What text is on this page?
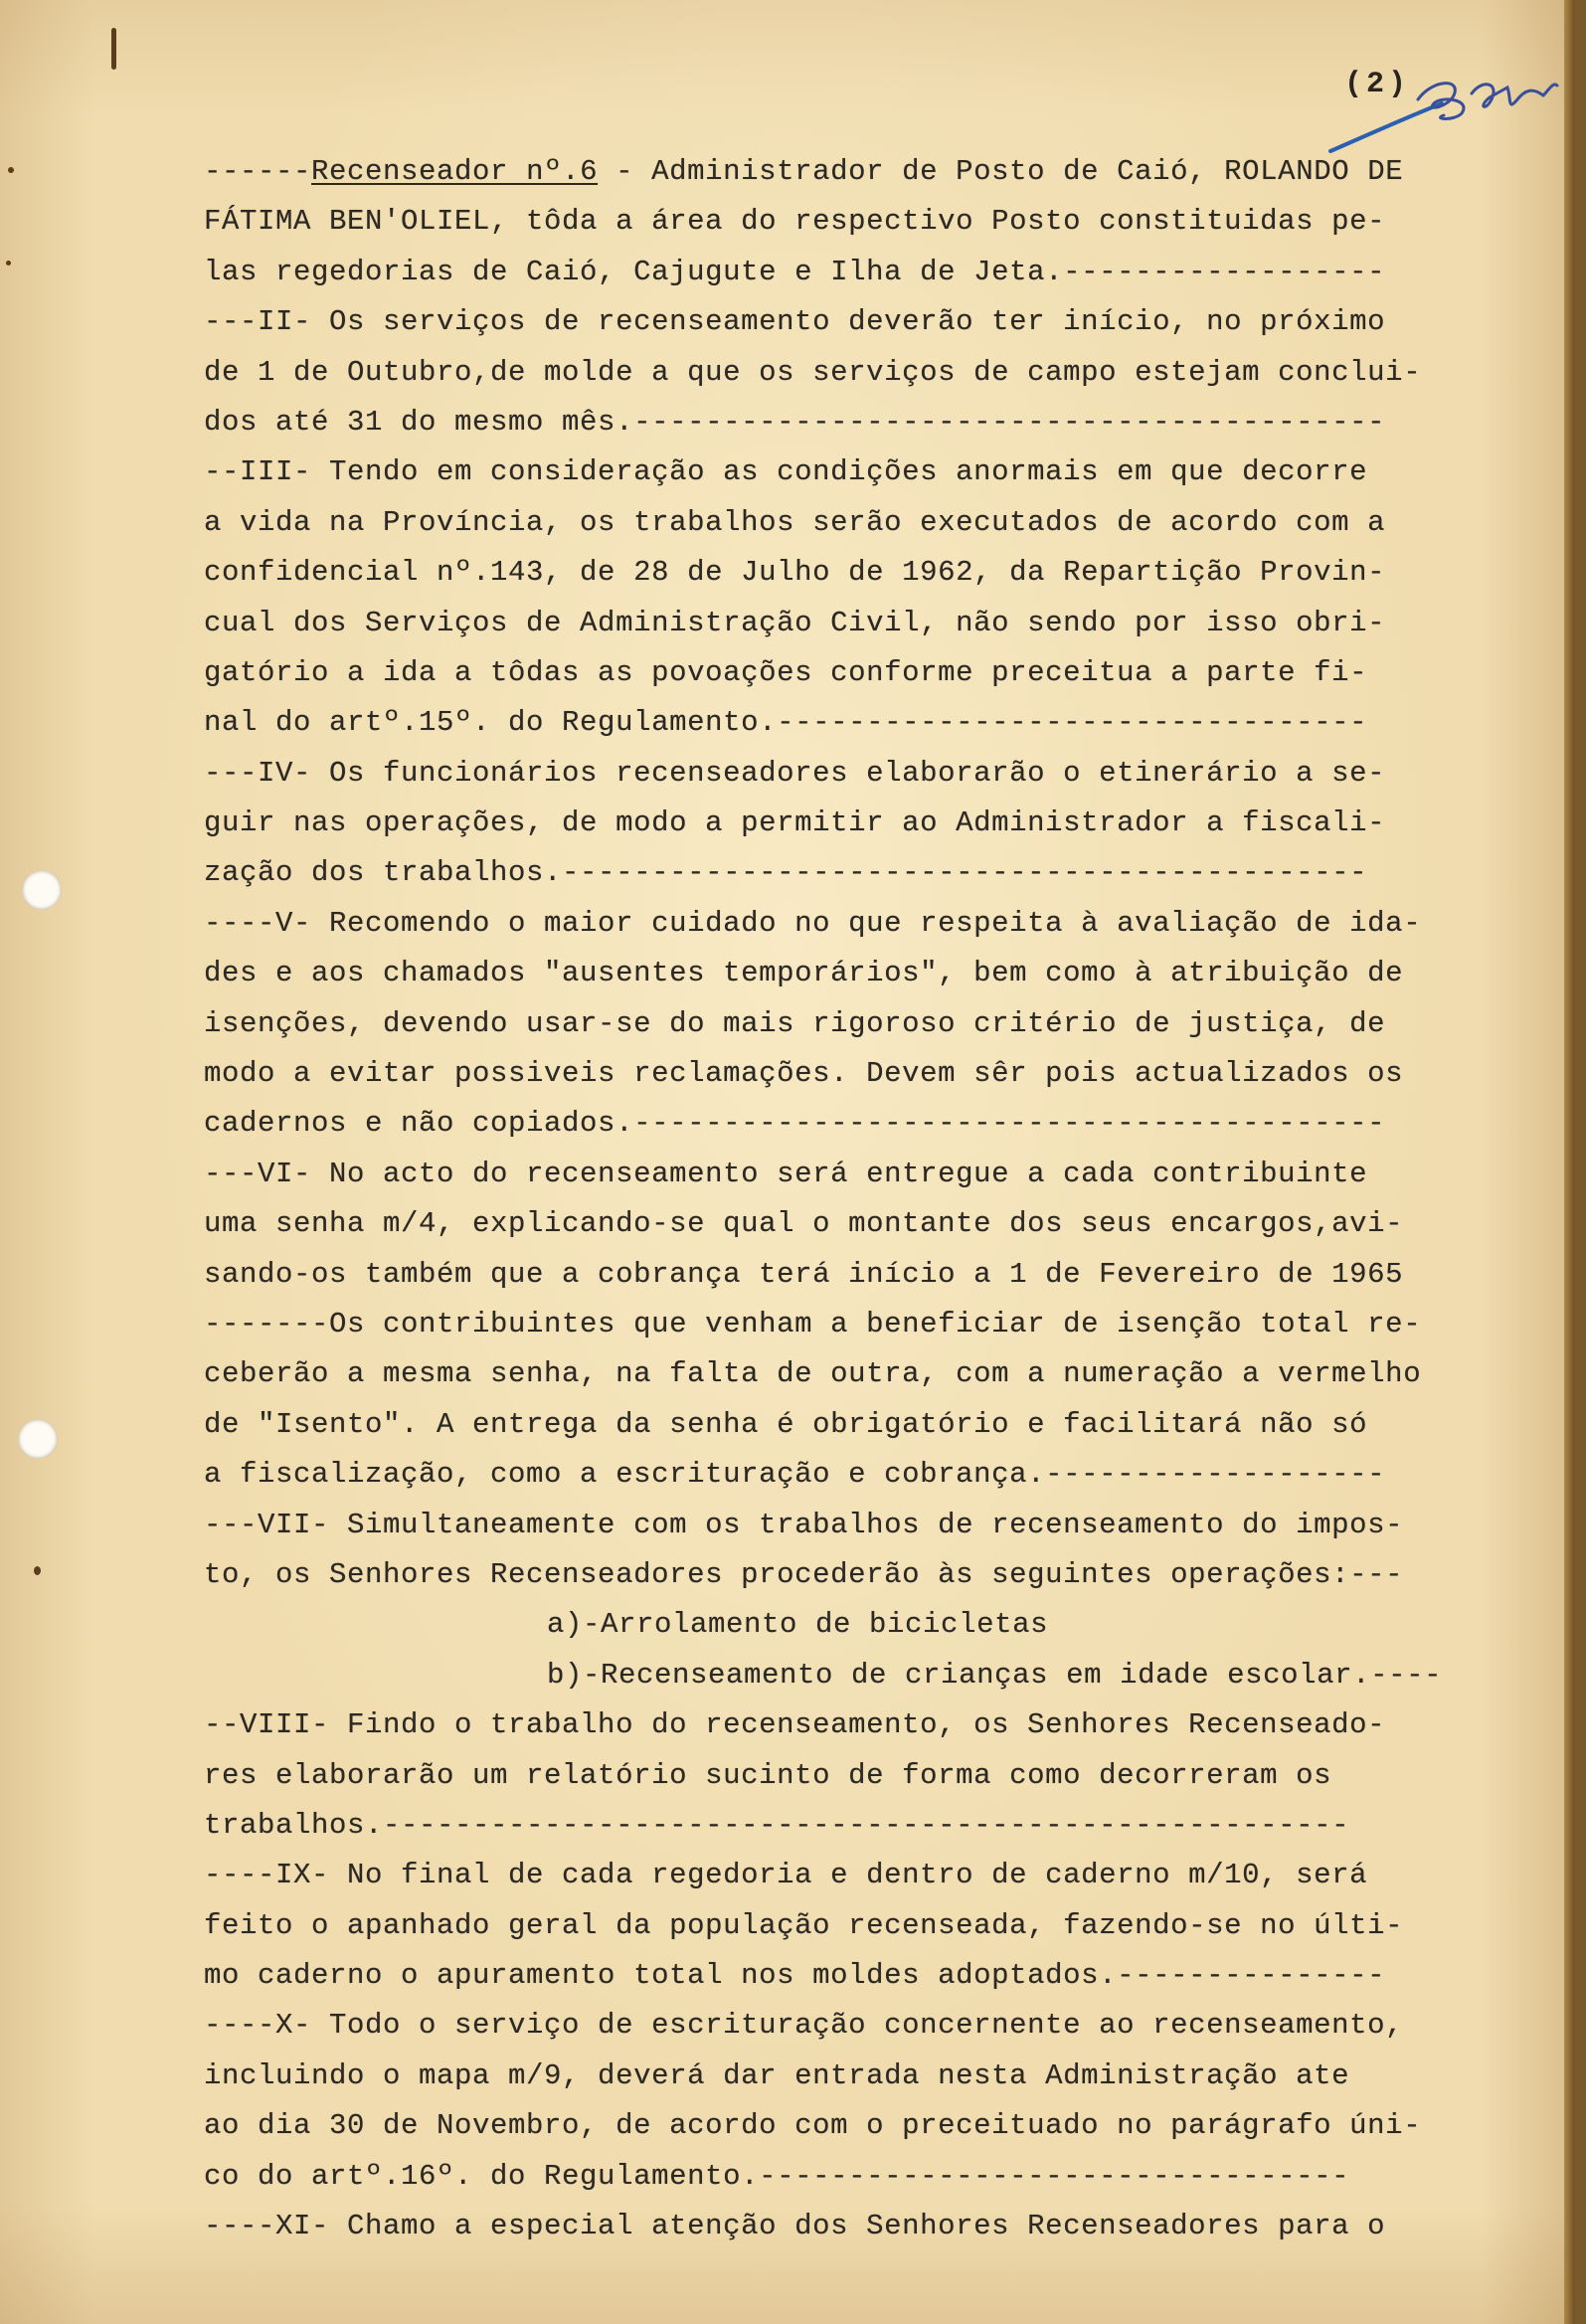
(2)
------Recenseador nº.6 - Administrador de Posto de Caió, ROLANDO DE
FÁTIMA BEN'OLIEL, tôda a área do respectivo Posto constituidas pe-
las regedorias de Caió, Cajugute e Ilha de Jeta.------------------
---II- Os serviços de recenseamento deverão ter início, no próximo
de 1 de Outubro,de molde a que os serviços de campo estejam conclui-
dos até 31 do mesmo mês.------------------------------------------
--III- Tendo em consideração as condições anormais em que decorre
a vida na Província, os trabalhos serão executados de acordo com a
confidencial nº.143, de 28 de Julho de 1962, da Repartição Provin-
cual dos Serviços de Administração Civil, não sendo por isso obri-
gatório a ida a tôdas as povoações conforme preceitua a parte fi-
nal do artº.15º. do Regulamento.---------------------------------
---IV- Os funcionários recenseadores elaborarão o etinerário a se-
guir nas operações, de modo a permitir ao Administrador a fiscali-
zação dos trabalhos.---------------------------------------------
----V- Recomendo o maior cuidado no que respeita à avaliação de ida-
des e aos chamados "ausentes temporários", bem como à atribuição de
isenções, devendo usar-se do mais rigoroso critério de justiça, de
modo a evitar possiveis reclamações. Devem sêr pois actualizados os
cadernos e não copiados.------------------------------------------
---VI- No acto do recenseamento será entregue a cada contribuinte
uma senha m/4, explicando-se qual o montante dos seus encargos,avi-
sando-os também que a cobrança terá início a 1 de Fevereiro de 1965
-------Os contribuintes que venham a beneficiar de isenção total re-
ceberão a mesma senha, na falta de outra, com a numeração a vermelho
de "Isento". A entrega da senha é obrigatório e facilitará não só
a fiscalização, como a escrituração e cobrança.-------------------
---VII- Simultaneamente com os trabalhos de recenseamento do impos-
to, os Senhores Recenseadores procederão às seguintes operações:---
a)-Arrolamento de bicicletas
b)-Recenseamento de crianças em idade escolar.----
--VIII- Findo o trabalho do recenseamento, os Senhores Recenseado-
res elaborarão um relatório sucinto de forma como decorreram os
trabalhos.------------------------------------------------------
----IX- No final de cada regedoria e dentro de caderno m/10, será
feito o apanhado geral da população recenseada, fazendo-se no últi-
mo caderno o apuramento total nos moldes adoptados.---------------
----X- Todo o serviço de escrituração concernente ao recenseamento,
incluindo o mapa m/9, deverá dar entrada nesta Administração ate
ao dia 30 de Novembro, de acordo com o preceituado no parágrafo úni-
co do artº.16º. do Regulamento.---------------------------------
----XI- Chamo a especial atenção dos Senhores Recenseadores para o
